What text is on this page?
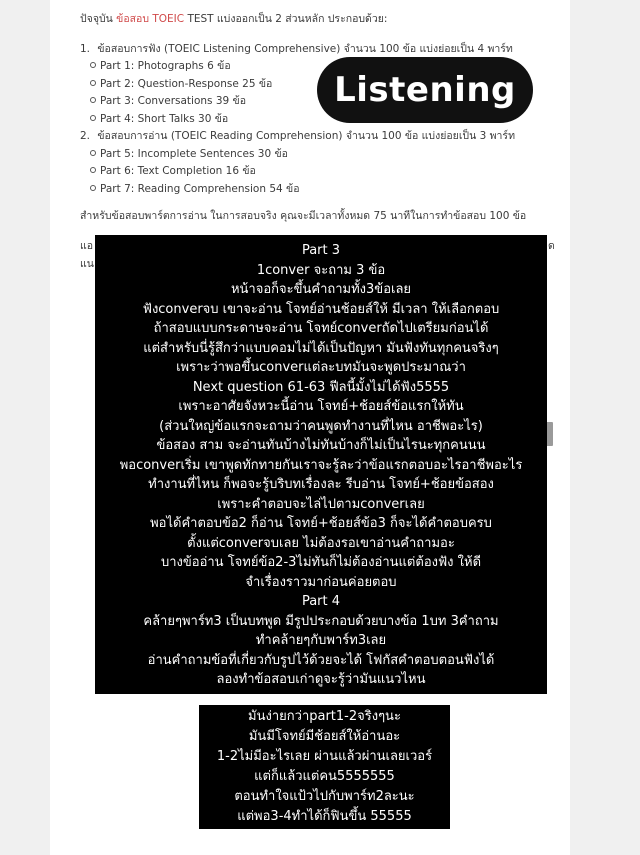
ปัจจุบัน ข้อสอบ TOEIC TEST แบ่งออกเป็น 2 ส่วนหลัก ประกอบด้วย:
1. ข้อสอบการฟัง (TOEIC Listening Comprehensive) จำนวน 100 ข้อ แบ่งย่อยเป็น 4 พาร์ท
Part 1: Photographs 6 ข้อ
Part 2: Question-Response 25 ข้อ
Part 3: Conversations 39 ข้อ
Part 4: Short Talks 30 ข้อ
2. ข้อสอบการอ่าน (TOEIC Reading Comprehension) จำนวน 100 ข้อ แบ่งย่อยเป็น 3 พาร์ท
Part 5: Incomplete Sentences 30 ข้อ
Part 6: Text Completion 16 ข้อ
Part 7: Reading Comprehension 54 ข้อ
สำหรับข้อสอบพาร์ตการอ่าน ในการสอบจริง คุณจะมีเวลาทั้งหมด 75 นาทีในการทำข้อสอบ 100 ข้อ
แอ
แน
ด
Listening
Part 3
1conver จะถาม 3 ข้อ
หน้าจอก็จะขึ้นคำถามทั้ง3ข้อเลย
ฟังconverจบ เขาจะอ่าน โจทย์อ่านช้อยส์ให้ มีเวลา ให้เลือกตอบ
ถ้าสอบแบบกระดาษจะอ่าน โจทย์converถัดไปเตรียมก่อนได้
แต่สำหรับนี่รู้สึกว่าแบบคอมไม่ได้เป็นปัญหา มันฟังทันทุกคนจริงๆ
เพราะว่าพอขึ้นconverแต่ละบทมันจะพูดประมาณว่า
Next question 61-63 ฟีลนี้มั้งไม่ได้ฟัง5555
เพราะอาศัยจังหวะนี้อ่าน โจทย์+ช้อยส์ข้อแรกให้ทัน
(ส่วนใหญ่ข้อแรกจะถามว่าคนพูดทำงานที่ไหน อาชีพอะไร)
ข้อสอง สาม จะอ่านทันบ้างไม่ทันบ้างก็ไม่เป็นไรนะทุกคนนน
พอconverเริ่ม เขาพูดทักทายกันเราจะรู้ละว่าข้อแรกตอบอะไรอาชีพอะไร
ทำงานที่ไหน ก็พอจะรู้บริบทเรื่องละ รีบอ่าน โจทย์+ช้อยข้อสอง
เพราะคำตอบจะไล่ไปตามconverเลย
พอได้คำตอบข้อ2 ก็อ่าน โจทย์+ช้อยส์ข้อ3 ก็จะได้คำตอบครบ
ตั้งแต่converจบเลย ไม่ต้องรอเขาอ่านคำถามอะ
บางข้ออ่าน โจทย์ข้อ2-3ไม่ทันก็ไม่ต้องอ่านแต่ต้องฟัง ให้ดี
จำเรื่องราวมาก่อนค่อยตอบ
Part 4
คล้ายๆพาร์ท3 เป็นบทพูด มีรูปประกอบด้วยบางข้อ 1บท 3คำถาม
ทำคล้ายๆกับพาร์ท3เลย
อ่านคำถามข้อที่เกี่ยวกับรูปไว้ด้วยจะได้ โฟกัสคำตอบตอนฟังได้
ลองทำข้อสอบเก่าดูจะรู้ว่ามันแนวไหน
มันง่ายกว่าpart1-2จริงๆนะ
มันมีโจทย์มีช้อยส์ให้อ่านอะ
1-2ไม่มีอะไรเลย ผ่านแล้วผ่านเลยเวอร์
แต่ก็แล้วแต่คน5555555
ตอนทำใจแป้วไปกับพาร์ท2ละนะ
แต่พอ3-4ทำได้ก็ฟินขึ้น 55555
